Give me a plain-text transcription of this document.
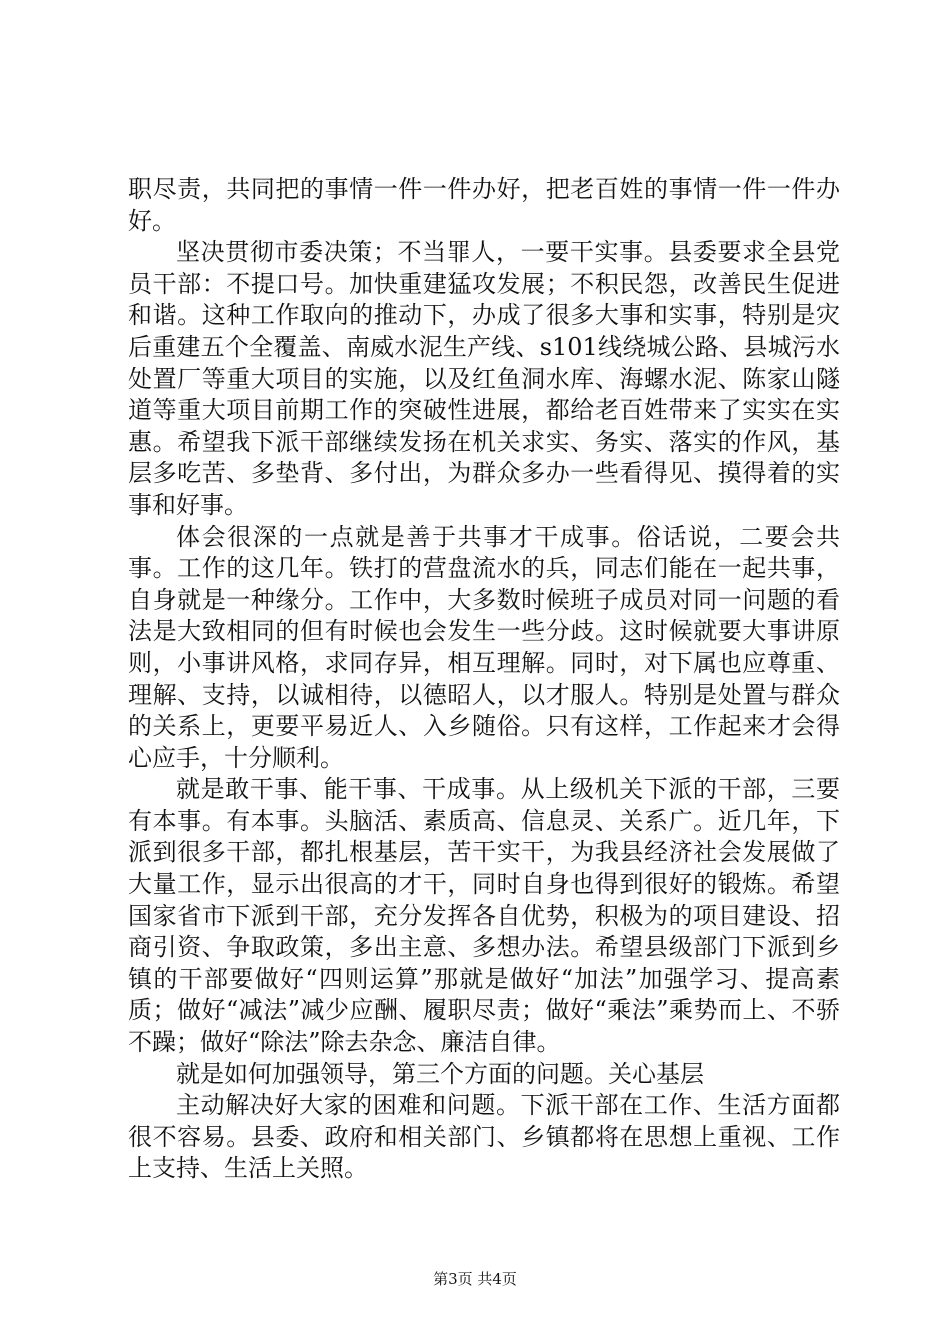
职尽责，共同把的事情一件一件办好，把老百姓的事情一件一件办好。

坚决贯彻市委决策；不当罪人，一要干实事。县委要求全县党员干部：不提口号。加快重建猛攻发展；不积民怨，改善民生促进和谐。这种工作取向的推动下，办成了很多大事和实事，特别是灾后重建五个全覆盖、南威水泥生产线、s101线绕城公路、县城污水处置厂等重大项目的实施，以及红鱼洞水库、海螺水泥、陈家山隧道等重大项目前期工作的突破性进展，都给老百姓带来了实实在实惠。希望我下派干部继续发扬在机关求实、务实、落实的作风，基层多吃苦、多垫背、多付出，为群众多办一些看得见、摸得着的实事和好事。

体会很深的一点就是善于共事才干成事。俗话说，二要会共事。工作的这几年。铁打的营盘流水的兵，同志们能在一起共事，自身就是一种缘分。工作中，大多数时候班子成员对同一问题的看法是大致相同的但有时候也会发生一些分歧。这时候就要大事讲原则，小事讲风格，求同存异，相互理解。同时，对下属也应尊重、理解、支持，以诚相待，以德昭人，以才服人。特别是处置与群众的关系上，更要平易近人、入乡随俗。只有这样，工作起来才会得心应手，十分顺利。

就是敢干事、能干事、干成事。从上级机关下派的干部，三要有本事。有本事。头脑活、素质高、信息灵、关系广。近几年，下派到很多干部，都扎根基层，苦干实干，为我县经济社会发展做了大量工作，显示出很高的才干，同时自身也得到很好的锻炼。希望国家省市下派到干部，充分发挥各自优势，积极为的项目建设、招商引资、争取政策，多出主意、多想办法。希望县级部门下派到乡镇的干部要做好“四则运算”那就是做好“加法”加强学习、提高素质；做好“减法”减少应酬、履职尽责；做好“乘法”乘势而上、不骄不躁；做好“除法”除去杂念、廉洁自律。

就是如何加强领导，第三个方面的问题。关心基层

主动解决好大家的困难和问题。下派干部在工作、生活方面都很不容易。县委、政府和相关部门、乡镇都将在思想上重视、工作上支持、生活上关照。

第3页 共4页
